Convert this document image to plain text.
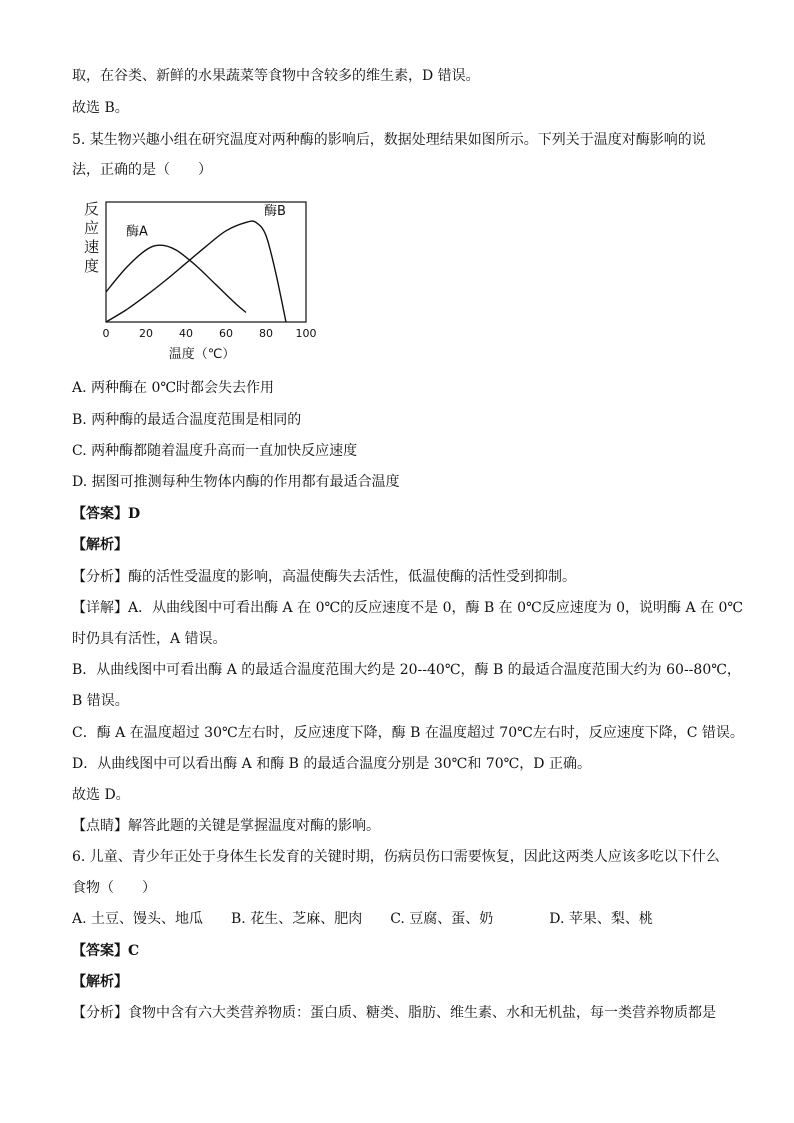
取，在谷类、新鲜的水果蔬菜等食物中含较多的维生素，D 错误。
故选 B。
5. 某生物兴趣小组在研究温度对两种酶的影响后，数据处理结果如图所示。下列关于温度对酶影响的说
法，正确的是（　　）
反
应
速
度
酶A
酶B
0	20 40 60 80 100
温度（℃）
A. 两种酶在 0℃时都会失去作用
B. 两种酶的最适合温度范围是相同的
C. 两种酶都随着温度升高而一直加快反应速度
D. 据图可推测每种生物体内酶的作用都有最适合温度
【答案】D
【解析】
【分析】酶的活性受温度的影响，高温使酶失去活性，低温使酶的活性受到抑制。
【详解】A．从曲线图中可看出酶 A 在 0℃的反应速度不是 0，酶 B 在 0℃反应速度为 0，说明酶 A 在 0℃
时仍具有活性，A 错误。
B．从曲线图中可看出酶 A 的最适合温度范围大约是 20--40℃，酶 B 的最适合温度范围大约为 60--80℃，
B 错误。
C．酶 A 在温度超过 30℃左右时，反应速度下降，酶 B 在温度超过 70℃左右时，反应速度下降，C 错误。
D．从曲线图中可以看出酶 A 和酶 B 的最适合温度分别是 30℃和 70℃，D 正确。
故选 D。
【点睛】解答此题的关键是掌握温度对酶的影响。
6. 儿童、青少年正处于身体生长发育的关键时期，伤病员伤口需要恢复，因此这两类人应该多吃以下什么
食物（　　）
A. 土豆、馒头、地瓜　　B. 花生、芝麻、肥肉　　C. 豆腐、蛋、奶　　　　D. 苹果、梨、桃
【答案】C
【解析】
【分析】食物中含有六大类营养物质：蛋白质、糖类、脂肪、维生素、水和无机盐，每一类营养物质都是
